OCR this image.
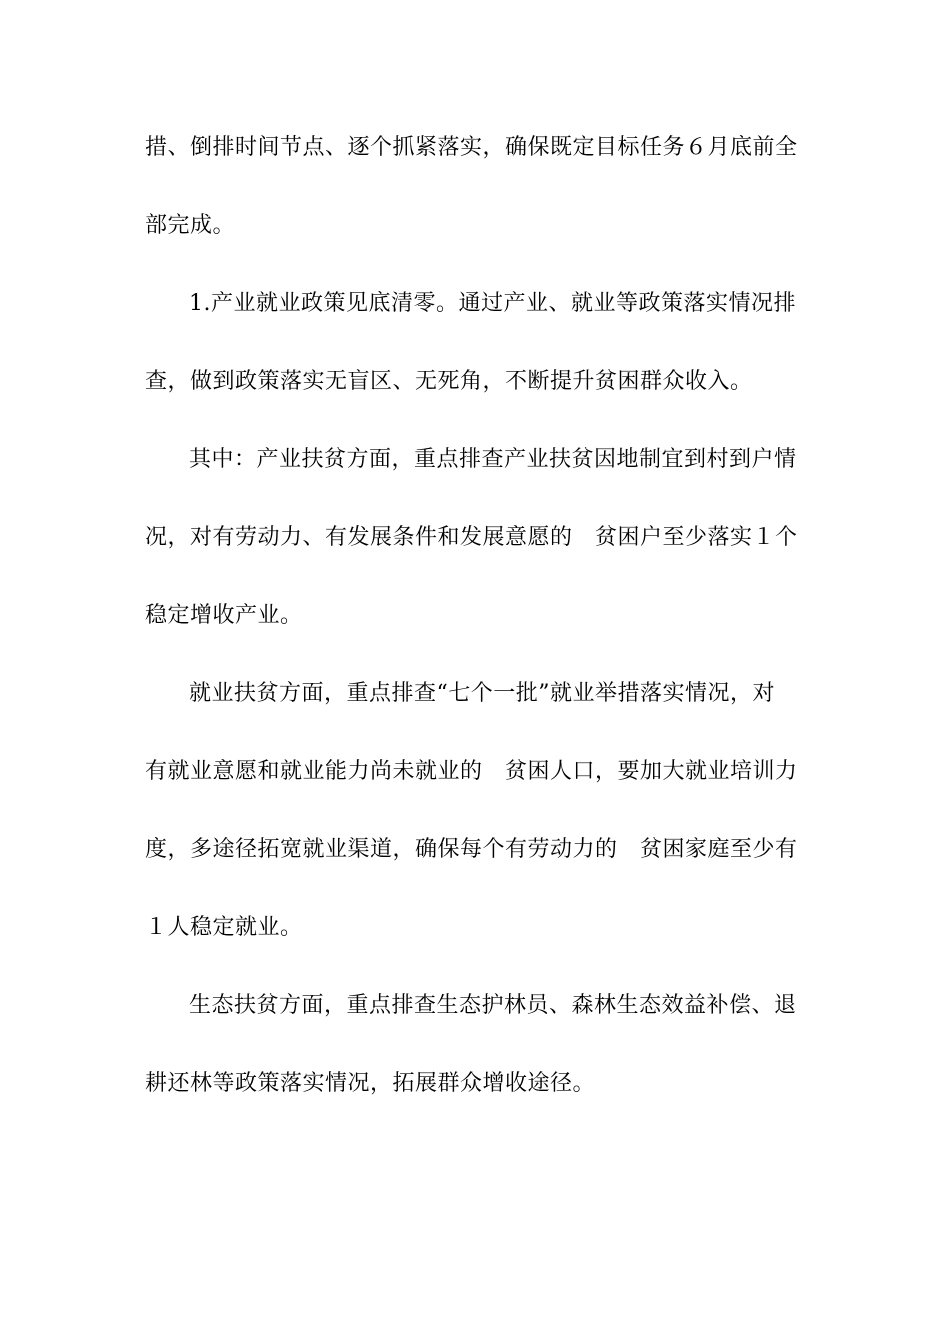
措、倒排时间节点、逐个抓紧落实，确保既定目标任务６月底前全
部完成。
1.产业就业政策见底清零。通过产业、就业等政策落实情况排
查，做到政策落实无盲区、无死角，不断提升贫困群众收入。
其中：产业扶贫方面，重点排查产业扶贫因地制宜到村到户情
况，对有劳动力、有发展条件和发展意愿的　贫困户至少落实１个
稳定增收产业。
就业扶贫方面，重点排查“七个一批”就业举措落实情况，对
有就业意愿和就业能力尚未就业的　贫困人口，要加大就业培训力
度，多途径拓宽就业渠道，确保每个有劳动力的　贫困家庭至少有
１人稳定就业。
生态扶贫方面，重点排查生态护林员、森林生态效益补偿、退
耕还林等政策落实情况，拓展群众增收途径。
